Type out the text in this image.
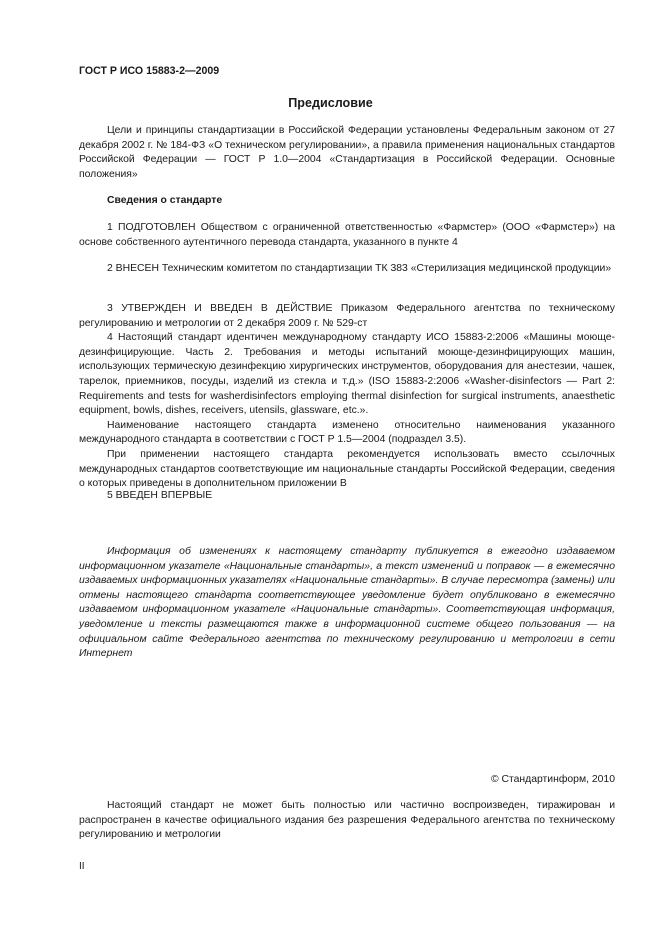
ГОСТ Р ИСО 15883-2—2009
Предисловие

Цели и принципы стандартизации в Российской Федерации установлены Федеральным законом от 27 декабря 2002 г. № 184-ФЗ «О техническом регулировании», а правила применения национальных стандартов Российской Федерации — ГОСТ Р 1.0—2004 «Стандартизация в Российской Федерации. Основные положения»

Сведения о стандарте

1 ПОДГОТОВЛЕН Обществом с ограниченной ответственностью «Фармстер» (ООО «Фармстер») на основе собственного аутентичного перевода стандарта, указанного в пункте 4

2 ВНЕСЕН Техническим комитетом по стандартизации ТК 383 «Стерилизация медицинской продукции»

3 УТВЕРЖДЕН И ВВЕДЕН В ДЕЙСТВИЕ Приказом Федерального агентства по техническому регулированию и метрологии от 2 декабря 2009 г. № 529-ст

4 Настоящий стандарт идентичен международному стандарту ИСО 15883-2:2006 «Машины моюще-дезинфицирующие. Часть 2. Требования и методы испытаний моюще-дезинфицирующих машин, использующих термическую дезинфекцию хирургических инструментов, оборудования для анестезии, чашек, тарелок, приемников, посуды, изделий из стекла и т.д.» (ISO 15883-2:2006 «Washer-disinfectors — Part 2: Requirements and tests for washerdisinfectors employing thermal disinfection for surgical instruments, anaesthetic equipment, bowls, dishes, receivers, utensils, glassware, etc.».

Наименование настоящего стандарта изменено относительно наименования указанного международного стандарта в соответствии с ГОСТ Р 1.5—2004 (подраздел 3.5).

При применении настоящего стандарта рекомендуется использовать вместо ссылочных международных стандартов соответствующие им национальные стандарты Российской Федерации, сведения о которых приведены в дополнительном приложении В

5 ВВЕДЕН ВПЕРВЫЕ

Информация об изменениях к настоящему стандарту публикуется в ежегодно издаваемом информационном указателе «Национальные стандарты», а текст изменений и поправок — в ежемесячно издаваемых информационных указателях «Национальные стандарты». В случае пересмотра (замены) или отмены настоящего стандарта соответствующее уведомление будет опубликовано в ежемесячно издаваемом информационном указателе «Национальные стандарты». Соответствующая информация, уведомление и тексты размещаются также в информационной системе общего пользования — на официальном сайте Федерального агентства по техническому регулированию и метрологии в сети Интернет

© Стандартинформ, 2010

Настоящий стандарт не может быть полностью или частично воспроизведен, тиражирован и распространен в качестве официального издания без разрешения Федерального агентства по техническому регулированию и метрологии

II
